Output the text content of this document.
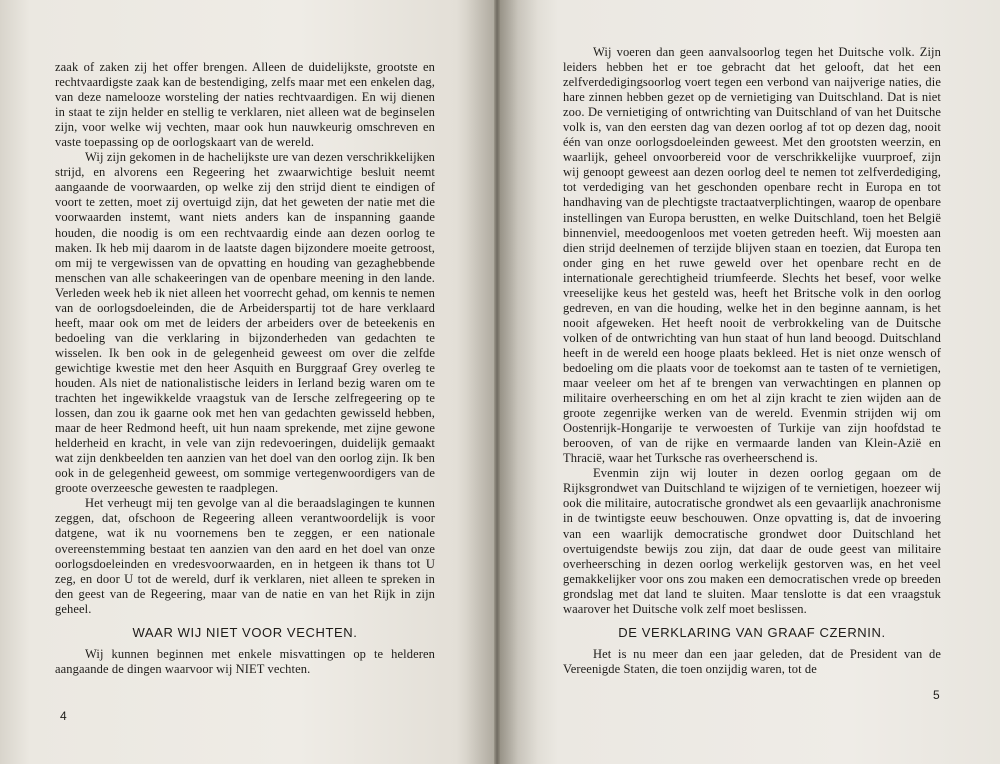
zaak of zaken zij het offer brengen. Alleen de duidelijkste, grootste en rechtvaardigste zaak kan de bestendiging, zelfs maar met een enkelen dag, van deze namelooze worsteling der naties rechtvaardigen. En wij dienen in staat te zijn helder en stellig te verklaren, niet alleen wat de beginselen zijn, voor welke wij vechten, maar ook hun nauwkeurig omschreven en vaste toepassing op de oorlogskaart van de wereld.

Wij zijn gekomen in de hachelijkste ure van dezen verschrikkelijken strijd, en alvorens een Regeering het zwaarwichtige besluit neemt aangaande de voorwaarden, op welke zij den strijd dient te eindigen of voort te zetten, moet zij overtuigd zijn, dat het geweten der natie met die voorwaarden instemt, want niets anders kan de inspanning gaande houden, die noodig is om een rechtvaardig einde aan dezen oorlog te maken. Ik heb mij daarom in de laatste dagen bijzondere moeite getroost, om mij te vergewissen van de opvatting en houding van gezaghebbende menschen van alle schakeeringen van de openbare meening in den lande. Verleden week heb ik niet alleen het voorrecht gehad, om kennis te nemen van de oorlogsdoeleinden, die de Arbeiderspartij tot de hare verklaard heeft, maar ook om met de leiders der arbeiders over de beteekenis en bedoeling van die verklaring in bijzonderheden van gedachten te wisselen. Ik ben ook in de gelegenheid geweest om over die zelfde gewichtige kwestie met den heer Asquith en Burggraaf Grey overleg te houden. Als niet de nationalistische leiders in Ierland bezig waren om te trachten het ingewikkelde vraagstuk van de Iersche zelfregeering op te lossen, dan zou ik gaarne ook met hen van gedachten gewisseld hebben, maar de heer Redmond heeft, uit hun naam sprekende, met zijne gewone helderheid en kracht, in vele van zijn redevoeringen, duidelijk gemaakt wat zijn denkbeelden ten aanzien van het doel van den oorlog zijn. Ik ben ook in de gelegenheid geweest, om sommige vertegenwoordigers van de groote overzeesche gewesten te raadplegen.

Het verheugt mij ten gevolge van al die beraadslagingen te kunnen zeggen, dat, ofschoon de Regeering alleen verantwoordelijk is voor datgene, wat ik nu voornemens ben te zeggen, er een nationale overeenstemming bestaat ten aanzien van den aard en het doel van onze oorlogsdoeleinden en vredesvoorwaarden, en in hetgeen ik thans tot U zeg, en door U tot de wereld, durf ik verklaren, niet alleen te spreken in den geest van de Regeering, maar van de natie en van het Rijk in zijn geheel.

WAAR WIJ NIET VOOR VECHTEN.

Wij kunnen beginnen met enkele misvattingen op te helderen aangaande de dingen waarvoor wij NIET vechten.

4

Wij voeren dan geen aanvalsoorlog tegen het Duitsche volk. Zijn leiders hebben het er toe gebracht dat het gelooft, dat het een zelfverdedigingsoorlog voert tegen een verbond van naijverige naties, die hare zinnen hebben gezet op de vernietiging van Duitschland. Dat is niet zoo. De vernietiging of ontwrichting van Duitschland of van het Duitsche volk is, van den eersten dag van dezen oorlog af tot op dezen dag, nooit één van onze oorlogsdoeleinden geweest. Met den grootsten weerzin, en waarlijk, geheel onvoorbereid voor de verschrikkelijke vuurproef, zijn wij genoopt geweest aan dezen oorlog deel te nemen tot zelfverdediging, tot verdediging van het geschonden openbare recht in Europa en tot handhaving van de plechtigste tractaatverplichtingen, waarop de openbare instellingen van Europa berustten, en welke Duitschland, toen het België binnenviel, meedoogenloos met voeten getreden heeft. Wij moesten aan dien strijd deelnemen of terzijde blijven staan en toezien, dat Europa ten onder ging en het ruwe geweld over het openbare recht en de internationale gerechtigheid triumfeerde. Slechts het besef, voor welke vreeselijke keus het gesteld was, heeft het Britsche volk in den oorlog gedreven, en van die houding, welke het in den beginne aannam, is het nooit afgeweken. Het heeft nooit de verbrokkeling van de Duitsche volken of de ontwrichting van hun staat of hun land beoogd. Duitschland heeft in de wereld een hooge plaats bekleed. Het is niet onze wensch of bedoeling om die plaats voor de toekomst aan te tasten of te vernietigen, maar veeleer om het af te brengen van verwachtingen en plannen op militaire overheersching en om het al zijn kracht te zien wijden aan de groote zegenrijke werken van de wereld. Evenmin strijden wij om Oostenrijk-Hongarije te verwoesten of Turkije van zijn hoofdstad te berooven, of van de rijke en vermaarde landen van Klein-Azië en Thracië, waar het Turksche ras overheerschend is.

Evenmin zijn wij louter in dezen oorlog gegaan om de Rijksgrondwet van Duitschland te wijzigen of te vernietigen, hoezeer wij ook die militaire, autocratische grondwet als een gevaarlijk anachronisme in de twintigste eeuw beschouwen. Onze opvatting is, dat de invoering van een waarlijk democratische grondwet door Duitschland het overtuigendste bewijs zou zijn, dat daar de oude geest van militaire overheersching in dezen oorlog werkelijk gestorven was, en het veel gemakkelijker voor ons zou maken een democratischen vrede op breeden grondslag met dat land te sluiten. Maar tenslotte is dat een vraagstuk waarover het Duitsche volk zelf moet beslissen.

DE VERKLARING VAN GRAAF CZERNIN.

Het is nu meer dan een jaar geleden, dat de President van de Vereenigde Staten, die toen onzijdig waren, tot de

5
